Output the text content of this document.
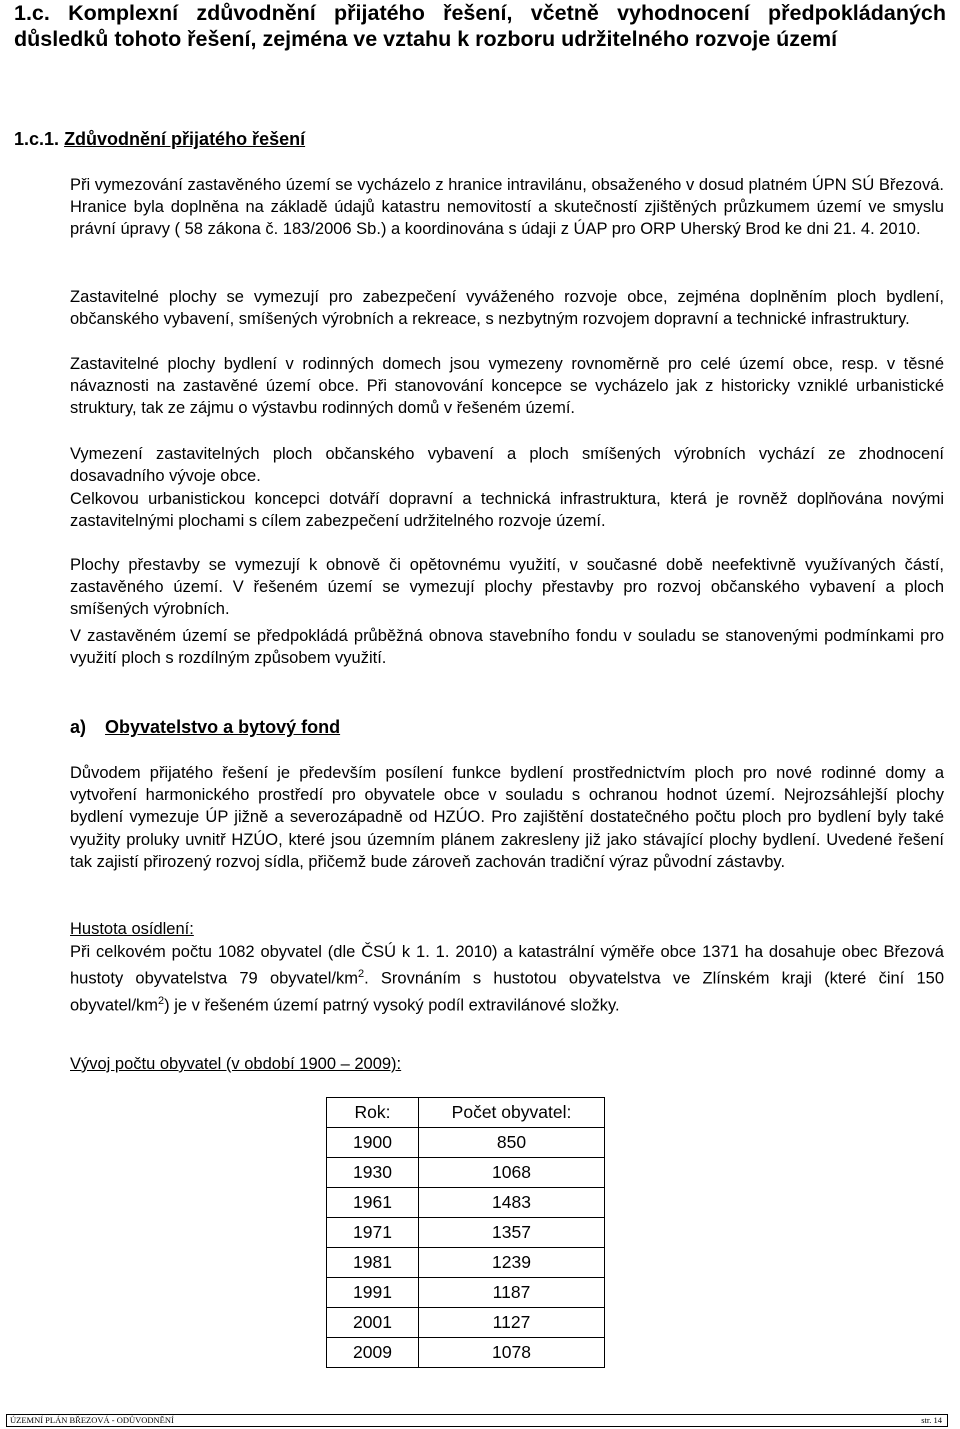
1.c. Komplexní zdůvodnění přijatého řešení, včetně vyhodnocení předpokládaných důsledků tohoto řešení, zejména ve vztahu k rozboru udržitelného rozvoje území
1.c.1. Zdůvodnění přijatého řešení
Při vymezování zastavěného území se vycházelo z hranice intravilánu, obsaženého v dosud platném ÚPN SÚ Březová. Hranice byla doplněna na základě údajů katastru nemovitostí a skutečností zjištěných průzkumem území ve smyslu právní úpravy ( 58 zákona č. 183/2006 Sb.) a koordinována s údaji z ÚAP pro ORP Uherský Brod ke dni 21. 4. 2010.
Zastavitelné plochy se vymezují pro zabezpečení vyváženého rozvoje obce, zejména doplněním ploch bydlení, občanského vybavení, smíšených výrobních a rekreace, s nezbytným rozvojem dopravní a technické infrastruktury.
Zastavitelné plochy bydlení v rodinných domech jsou vymezeny rovnoměrně pro celé území obce, resp. v těsné návaznosti na zastavěné území obce. Při stanovování koncepce se vycházelo jak z historicky vzniklé urbanistické struktury, tak ze zájmu o výstavbu rodinných domů v řešeném území.
Vymezení zastavitelných ploch občanského vybavení a ploch smíšených výrobních vychází ze zhodnocení dosavadního vývoje obce.
Celkovou urbanistickou koncepci dotváří dopravní a technická infrastruktura, která je rovněž doplňována novými zastavitelnými plochami s cílem zabezpečení udržitelného rozvoje území.
Plochy přestavby se vymezují k obnově či opětovnému využití, v současné době neefektivně využívaných částí, zastavěného území. V řešeném území se vymezují plochy přestavby pro rozvoj občanského vybavení a ploch smíšených výrobních.
V zastavěném území se předpokládá průběžná obnova stavebního fondu v souladu se stanovenými podmínkami pro využití ploch s rozdílným způsobem využití.
a) Obyvatelstvo a bytový fond
Důvodem přijatého řešení je především posílení funkce bydlení prostřednictvím ploch pro nové rodinné domy a vytvoření harmonického prostředí pro obyvatele obce v souladu s ochranou hodnot území. Nejrozsáhlejší plochy bydlení vymezuje ÚP jižně a severozápadně od HZÚO. Pro zajištění dostatečného počtu ploch pro bydlení byly také využity proluky uvnitř HZÚO, které jsou územním plánem zakresleny již jako stávající plochy bydlení. Uvedené řešení tak zajistí přirozený rozvoj sídla, přičemž bude zároveň zachován tradiční výraz původní zástavby.
Hustota osídlení:
Při celkovém počtu 1082 obyvatel (dle ČSÚ k 1. 1. 2010) a katastrální výměře obce 1371 ha dosahuje obec Březová hustoty obyvatelstva 79 obyvatel/$km^2$. Srovnáním s hustotou obyvatelstva ve Zlínském kraji (které činí 150 obyvatel/$km^2$) je v řešeném území patrný vysoký podíl extravilánové složky.
Vývoj počtu obyvatel (v období 1900 – 2009):
Rok:	Počet obyvatel:
1900	850
1930	1068
1961	1483
1971	1357
1981	1239
1991	1187
2001	1127
2009	1078
ÚZEMNÍ PLÁN BŘEZOVÁ - ODŮVODNĚNÍ	str. 14
